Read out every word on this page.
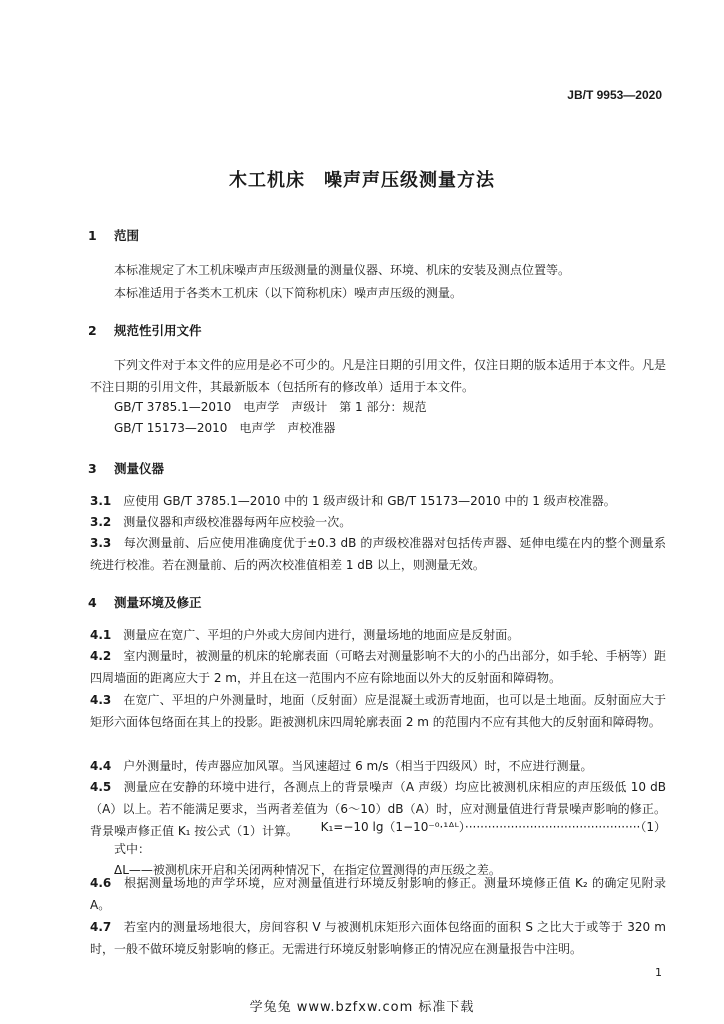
JB/T 9953—2020
木工机床　噪声声压级测量方法
1 范围
本标准规定了木工机床噪声声压级测量的测量仪器、环境、机床的安装及测点位置等。
本标准适用于各类木工机床（以下简称机床）噪声声压级的测量。
2 规范性引用文件
下列文件对于本文件的应用是必不可少的。凡是注日期的引用文件，仅注日期的版本适用于本文件。凡是不注日期的引用文件，其最新版本（包括所有的修改单）适用于本文件。
GB/T 3785.1—2010　电声学　声级计　第 1 部分：规范
GB/T 15173—2010　电声学　声校准器
3 测量仪器
3.1　 应使用 GB/T 3785.1—2010 中的 1 级声级计和 GB/T 15173—2010 中的 1 级声校准器。
3.2　 测量仪器和声级校准器每两年应校验一次。
3.3　 每次测量前、后应使用准确度优于±0.3 dB 的声级校准器对包括传声器、延伸电缆在内的整个测量系统进行校准。若在测量前、后的两次校准值相差 1 dB 以上，则测量无效。
4 测量环境及修正
4.1　 测量应在宽广、平坦的户外或大房间内进行，测量场地的地面应是反射面。
4.2　 室内测量时，被测量的机床的轮廓表面（可略去对测量影响不大的小的凸出部分，如手轮、手柄等）距四周墙面的距离应大于 2 m，并且在这一范围内不应有除地面以外大的反射面和障碍物。
4.3　 在宽广、平坦的户外测量时，地面（反射面）应是混凝土或沥青地面，也可以是土地面。反射面应大于矩形六面体包络面在其上的投影。距被测机床四周轮廓表面 2 m 的范围内不应有其他大的反射面和障碍物。
4.4　 户外测量时，传声器应加风罩。当风速超过 6 m/s（相当于四级风）时，不应进行测量。
4.5　 测量应在安静的环境中进行，各测点上的背景噪声（A 声级）均应比被测机床相应的声压级低 10 dB（A）以上。若不能满足要求，当两者差值为（6～10）dB（A）时，应对测量值进行背景噪声影响的修正。背景噪声修正值 K₁ 按公式（1）计算。	K₁=−10 lg（1−10⁻⁰·¹ᐞᴸ）··············································（1）
式中：
ΔL——被测机床开启和关闭两种情况下，在指定位置测得的声压级之差。
4.6　 根据测量场地的声学环境，应对测量值进行环境反射影响的修正。测量环境修正值 K₂ 的确定见附录 A。
4.7　 若室内的测量场地很大，房间容积 V 与被测机床矩形六面体包络面的面积 S 之比大于或等于 320 m 时，一般不做环境反射影响的修正。无需进行环境反射影响修正的情况应在测量报告中注明。
1
学兔兔 www.bzfxw.com 标准下载
